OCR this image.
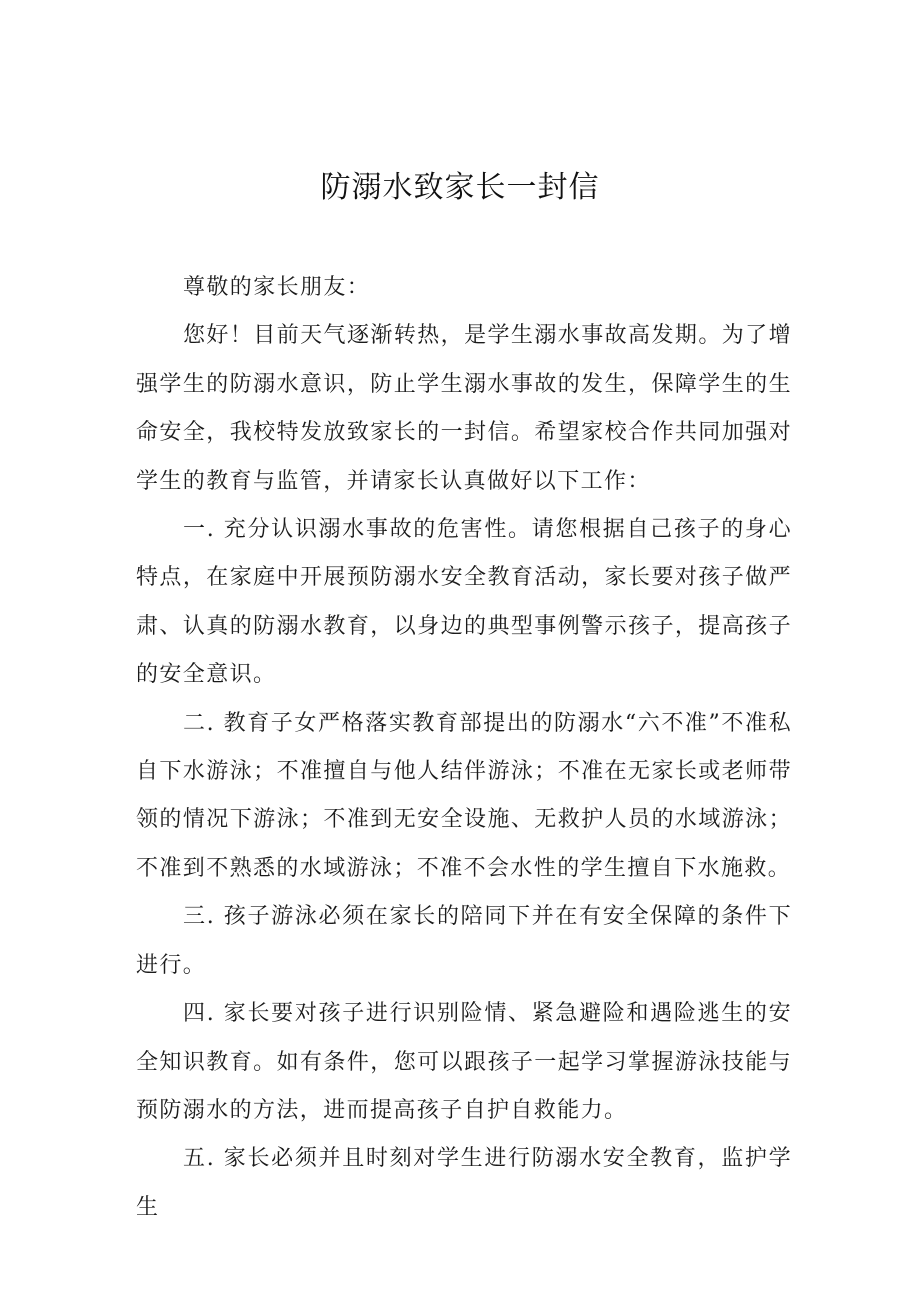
防溺水致家长一封信

尊敬的家长朋友：

您好！目前天气逐渐转热，是学生溺水事故高发期。为了增强学生的防溺水意识，防止学生溺水事故的发生，保障学生的生命安全，我校特发放致家长的一封信。希望家校合作共同加强对学生的教育与监管，并请家长认真做好以下工作：

一. 充分认识溺水事故的危害性。请您根据自己孩子的身心特点，在家庭中开展预防溺水安全教育活动，家长要对孩子做严肃、认真的防溺水教育，以身边的典型事例警示孩子，提高孩子的安全意识。

二. 教育子女严格落实教育部提出的防溺水“六不准”不准私自下水游泳；不准擅自与他人结伴游泳；不准在无家长或老师带领的情况下游泳；不准到无安全设施、无救护人员的水域游泳；不准到不熟悉的水域游泳；不准不会水性的学生擅自下水施救。

三. 孩子游泳必须在家长的陪同下并在有安全保障的条件下进行。

四. 家长要对孩子进行识别险情、紧急避险和遇险逃生的安全知识教育。如有条件，您可以跟孩子一起学习掌握游泳技能与预防溺水的方法，进而提高孩子自护自救能力。

五. 家长必须并且时刻对学生进行防溺水安全教育，监护学生
